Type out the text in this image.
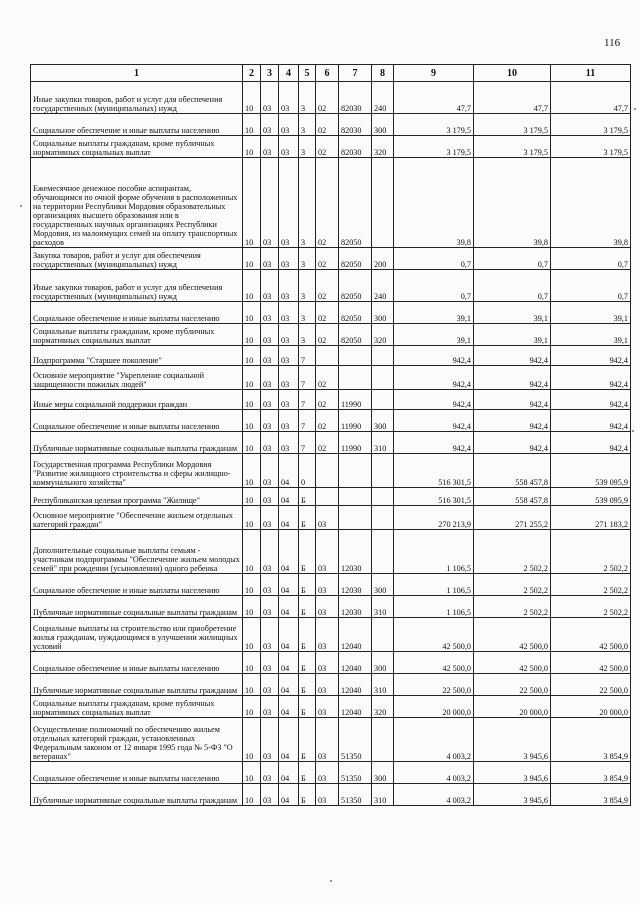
116
1	2	3	4	5	6	7	8	9	10	11
Иные закупки товаров, работ и услуг для обеспечения государственных (муниципальных) нужд	10	03	03	3	02	82030	240	47,7	47,7	47,7
Социальное обеспечение и иные выплаты населению	10	03	03	3	02	82030	300	3 179,5	3 179,5	3 179,5
Социальные выплаты гражданам, кроме публичных нормативных социальных выплат	10	03	03	3	02	82030	320	3 179,5	3 179,5	3 179,5
Ежемесячное денежное пособие аспирантам, обучающимся по очной форме обучения в расположенных на территории Республики Мордовия образовательных организациях высшего образования или в государственных научных организациях Республики Мордовия, из малоимущих семей на оплату транспортных расходов	10	03	03	3	02	82050		39,8	39,8	39,8
Закупка товаров, работ и услуг для обеспечения государственных (муниципальных) нужд	10	03	03	3	02	82050	200	0,7	0,7	0,7
Иные закупки товаров, работ и услуг для обеспечения государственных (муниципальных) нужд	10	03	03	3	02	82050	240	0,7	0,7	0,7
Социальное обеспечение и иные выплаты населению	10	03	03	3	02	82050	300	39,1	39,1	39,1
Социальные выплаты гражданам, кроме публичных нормативных социальных выплат	10	03	03	3	02	82050	320	39,1	39,1	39,1
Подпрограмма "Старшее поколение"	10	03	03	7				942,4	942,4	942,4
Основное мероприятие "Укрепление социальной защищенности пожилых людей"	10	03	03	7	02			942,4	942,4	942,4
Иные меры социальной поддержки граждан	10	03	03	7	02	11990		942,4	942,4	942,4
Социальное обеспечение и иные выплаты населению	10	03	03	7	02	11990	300	942,4	942,4	942,4
Публичные нормативные социальные выплаты гражданам	10	03	03	7	02	11990	310	942,4	942,4	942,4
Государственная программа Республики Мордовия "Развитие жилищного строительства и сферы жилищно-коммунального хозяйства"	10	03	04	0				516 301,5	558 457,8	539 095,9
Республиканская целевая программа "Жилище"	10	03	04	Б				516 301,5	558 457,8	539 095,9
Основное мероприятие "Обеспечение жильем отдельных категорий граждан"	10	03	04	Б	03			270 213,9	271 255,2	271 183,2
Дополнительные социальные выплаты семьям - участникам подпрограммы "Обеспечение жильем молодых семей" при рождении (усыновлении) одного ребенка	10	03	04	Б	03	12030		1 106,5	2 502,2	2 502,2
Социальное обеспечение и иные выплаты населению	10	03	04	Б	03	12030	300	1 106,5	2 502,2	2 502,2
Публичные нормативные социальные выплаты гражданам	10	03	04	Б	03	12030	310	1 106,5	2 502,2	2 502,2
Социальные выплаты на строительство или приобретение жилья гражданам, нуждающимся в улучшении жилищных условий	10	03	04	Б	03	12040		42 500,0	42 500,0	42 500,0
Социальное обеспечение и иные выплаты населению	10	03	04	Б	03	12040	300	42 500,0	42 500,0	42 500,0
Публичные нормативные социальные выплаты гражданам	10	03	04	Б	03	12040	310	22 500,0	22 500,0	22 500,0
Социальные выплаты гражданам, кроме публичных нормативных социальных выплат	10	03	04	Б	03	12040	320	20 000,0	20 000,0	20 000,0
Осуществление полномочий по обеспечению жильем отдельных категорий граждан, установленных Федеральным законом от 12 января 1995 года № 5-ФЗ "О ветеранах"	10	03	04	Б	03	51350		4 003,2	3 945,6	3 854,9
Социальное обеспечение и иные выплаты населению	10	03	04	Б	03	51350	300	4 003,2	3 945,6	3 854,9
Публичные нормативные социальные выплаты гражданам	10	03	04	Б	03	51350	310	4 003,2	3 945,6	3 854,9
